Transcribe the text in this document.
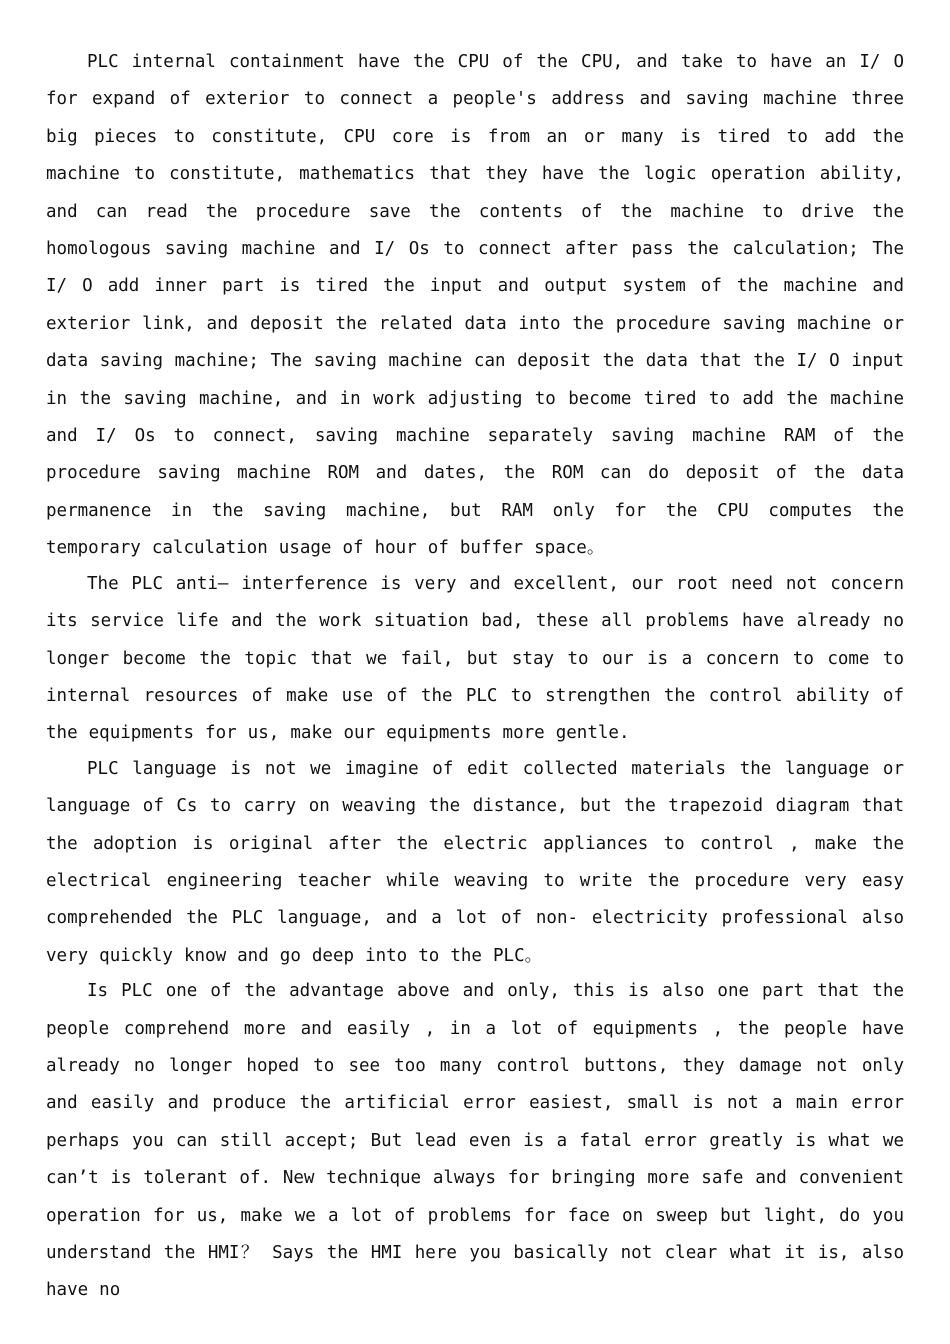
PLC internal containment have the CPU of the CPU, and take to have an I/ O for expand of exterior to connect a people's address and saving machine three big pieces to constitute, CPU core is from an or many is tired to add the machine to constitute, mathematics that they have the logic operation ability, and can read the procedure save the contents of the machine to drive the homologous saving machine and I/ Os to connect after pass the calculation; The I/ O add inner part is tired the input and output system of the machine and exterior link, and deposit the related data into the procedure saving machine or data saving machine; The saving machine can deposit the data that the I/ O input in the saving machine, and in work adjusting to become tired to add the machine and I/ Os to connect, saving machine separately saving machine RAM of the procedure saving machine ROM and dates, the ROM can do deposit of the data permanence in the saving machine, but RAM only for the CPU computes the temporary calculation usage of hour of buffer space。

The PLC anti— interference is very and excellent, our root need not concern its service life and the work situation bad, these all problems have already no longer become the topic that we fail, but stay to our is a concern to come to internal resources of make use of the PLC to strengthen the control ability of the equipments for us, make our equipments more gentle.

PLC language is not we imagine of edit collected materials the language or language of Cs to carry on weaving the distance, but the trapezoid diagram that the adoption is original after the electric appliances to control , make the electrical engineering teacher while weaving to write the procedure very easy comprehended the PLC language, and a lot of non- electricity professional also very quickly know and go deep into to the PLC。

Is PLC one of the advantage above and only, this is also one part that the people comprehend more and easily , in a lot of equipments , the people have already no longer hoped to see too many control buttons, they damage not only and easily and produce the artificial error easiest, small is not a main error perhaps you can still accept; But lead even is a fatal error greatly is what we can’t is tolerant of. New technique always for bringing more safe and convenient operation for us, make we a lot of problems for face on sweep but light, do you understand the HMI？ Says the HMI here you basically not clear what it is, also have no
